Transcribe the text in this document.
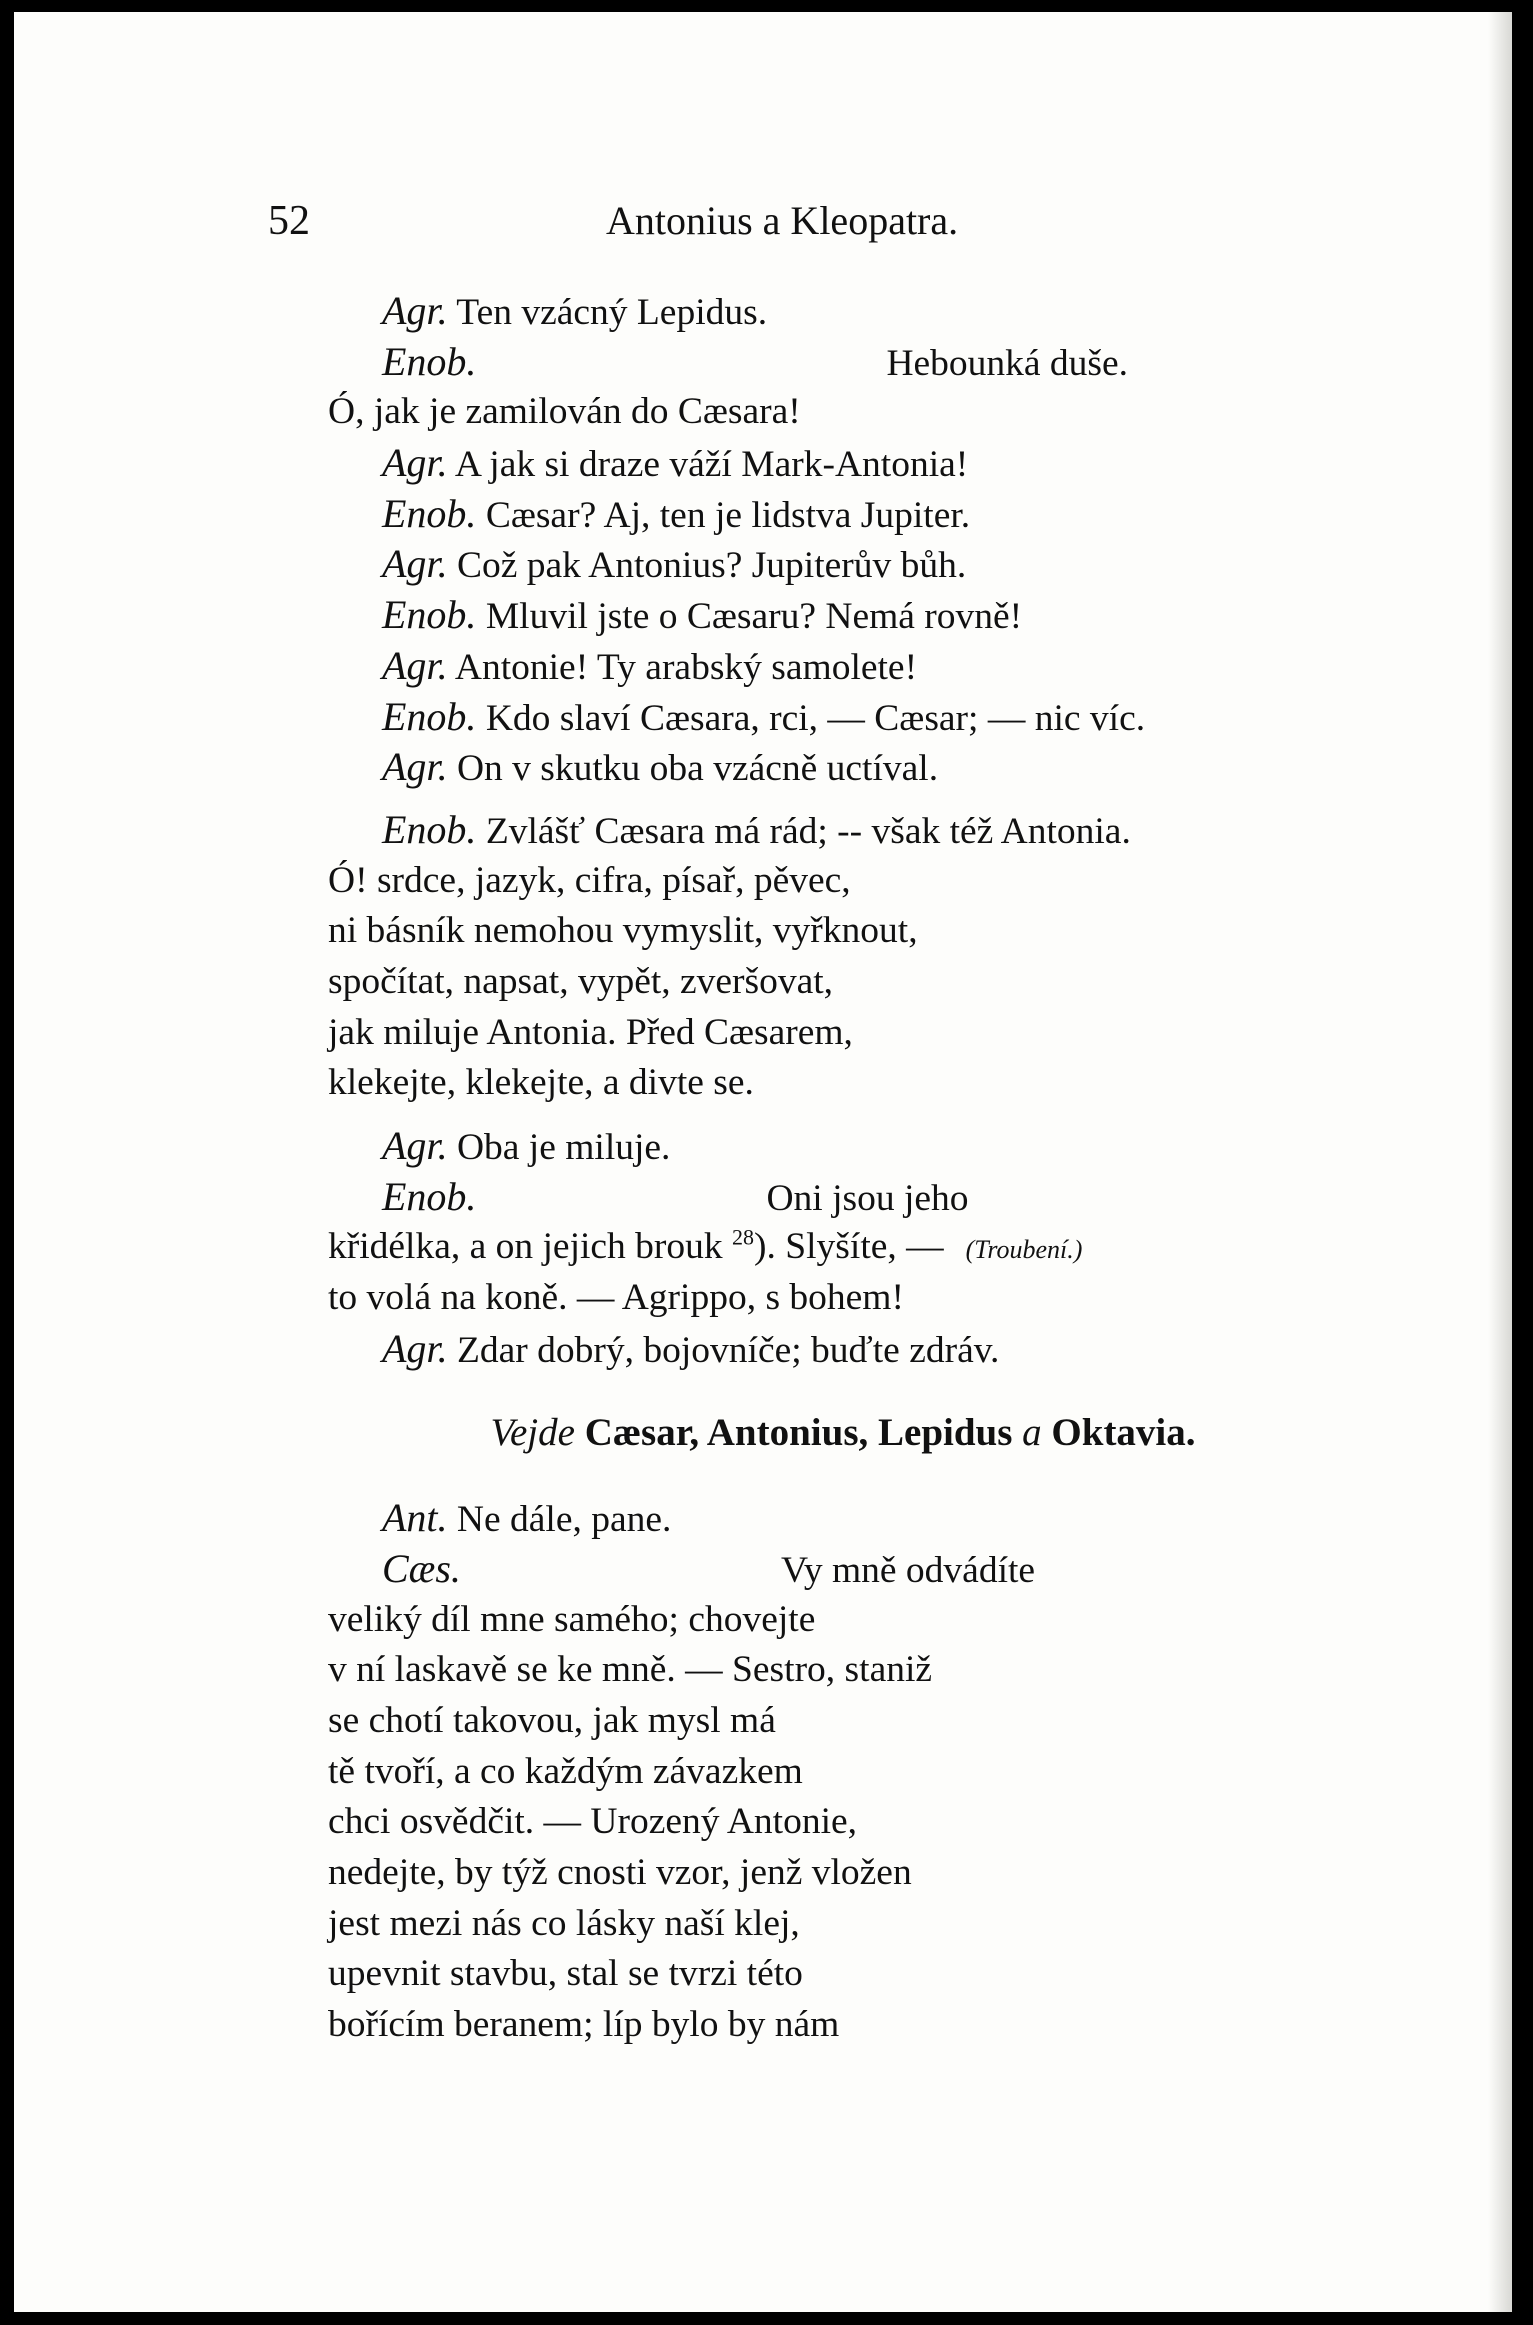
52	Antonius a Kleopatra.
Agr. Ten vzácný Lepidus.
Enob.	Hebounká duše.
Ó, jak je zamilován do Cæsara!
Agr. A jak si draze váží Mark-Antonia!
Enob. Cæsar? Aj, ten je lidstva Jupiter.
Agr. Což pak Antonius? Jupiterův bůh.
Enob. Mluvil jste o Cæsaru? Nemá rovně!
Agr. Antonie! Ty arabský samolete!
Enob. Kdo slaví Cæsara, rci, — Cæsar; — nic víc.
Agr. On v skutku oba vzácně uctíval.
Enob. Zvlášť Cæsara má rád; -- však též Antonia.
Ó! srdce, jazyk, cifra, písař, pěvec,
ni básník nemohou vymyslit, vyřknout,
spočítat, napsat, vypět, zveršovat,
jak miluje Antonia. Před Cæsarem,
klekejte, klekejte, a divte se.
Agr. Oba je miluje.
Enob.	Oni jsou jeho
křidélka, a on jejich brouk $^{28}$). Slyšíte, — (Troubení.)
to volá na koně. — Agrippo, s bohem!
Agr. Zdar dobrý, bojovníče; buďte zdráv.
Vejde Cæsar, Antonius, Lepidus a Oktavia.
Ant. Ne dále, pane.
Cæs.	Vy mně odvádíte
veliký díl mne samého; chovejte
v ní laskavě se ke mně. — Sestro, staniž
se chotí takovou, jak mysl má
tě tvoří, a co každým závazkem
chci osvědčit. — Urozený Antonie,
nedejte, by týž cnosti vzor, jenž vložen
jest mezi nás co lásky naší klej,
upevnit stavbu, stal se tvrzi této
bořícím beranem; líp bylo by nám
